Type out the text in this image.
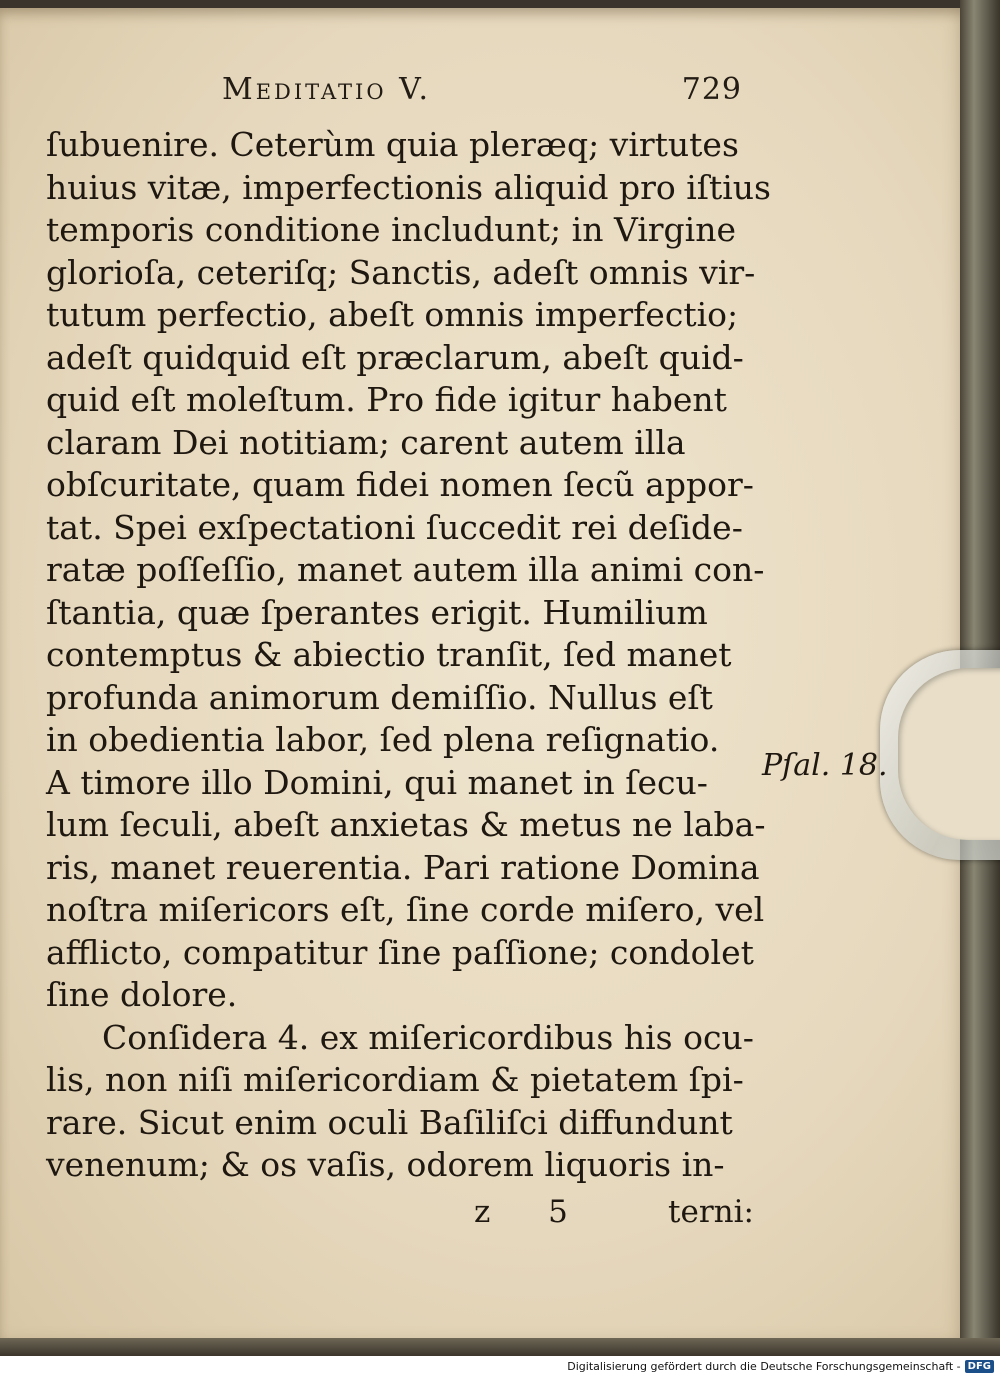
Meditatio V.	729
ſubuenire. Ceterùm quia pleræq; virtutes
huius vitæ, imperfectionis aliquid pro iſtius
temporis conditione includunt; in Virgine
glorioſa, ceteriſq; Sanctis, adeſt omnis vir-
tutum perfectio, abeſt omnis imperfectio;
adeſt quidquid eſt præclarum, abeſt quid-
quid eſt moleſtum. Pro fide igitur habent
claram Dei notitiam; carent autem illa
obſcuritate, quam fidei nomen ſecũ appor-
tat. Spei exſpectationi ſuccedit rei deſide-
ratæ poſſeſſio, manet autem illa animi con-
ſtantia, quæ ſperantes erigit. Humilium
contemptus & abiectio tranſit, ſed manet
profunda animorum demiſſio. Nullus eſt
in obedientia labor, ſed plena reſignatio.
A timore illo Domini, qui manet in ſecu-
lum ſeculi, abeſt anxietas & metus ne laba-
ris, manet reuerentia. Pari ratione Domina
noſtra miſericors eſt, ſine corde miſero, vel
afflicto, compatitur ſine paſſione; condolet
ſine dolore.
Conſidera 4. ex miſericordibus his ocu-
lis, non niſi miſericordiam & pietatem ſpi-
rare. Sicut enim oculi Baſiliſci diffundunt
venenum; & os vaſis, odorem liquoris in-
Pſal. 18.
z 5 terni:
Digitalisierung gefördert durch die Deutsche Forschungsgemeinschaft - DFG
